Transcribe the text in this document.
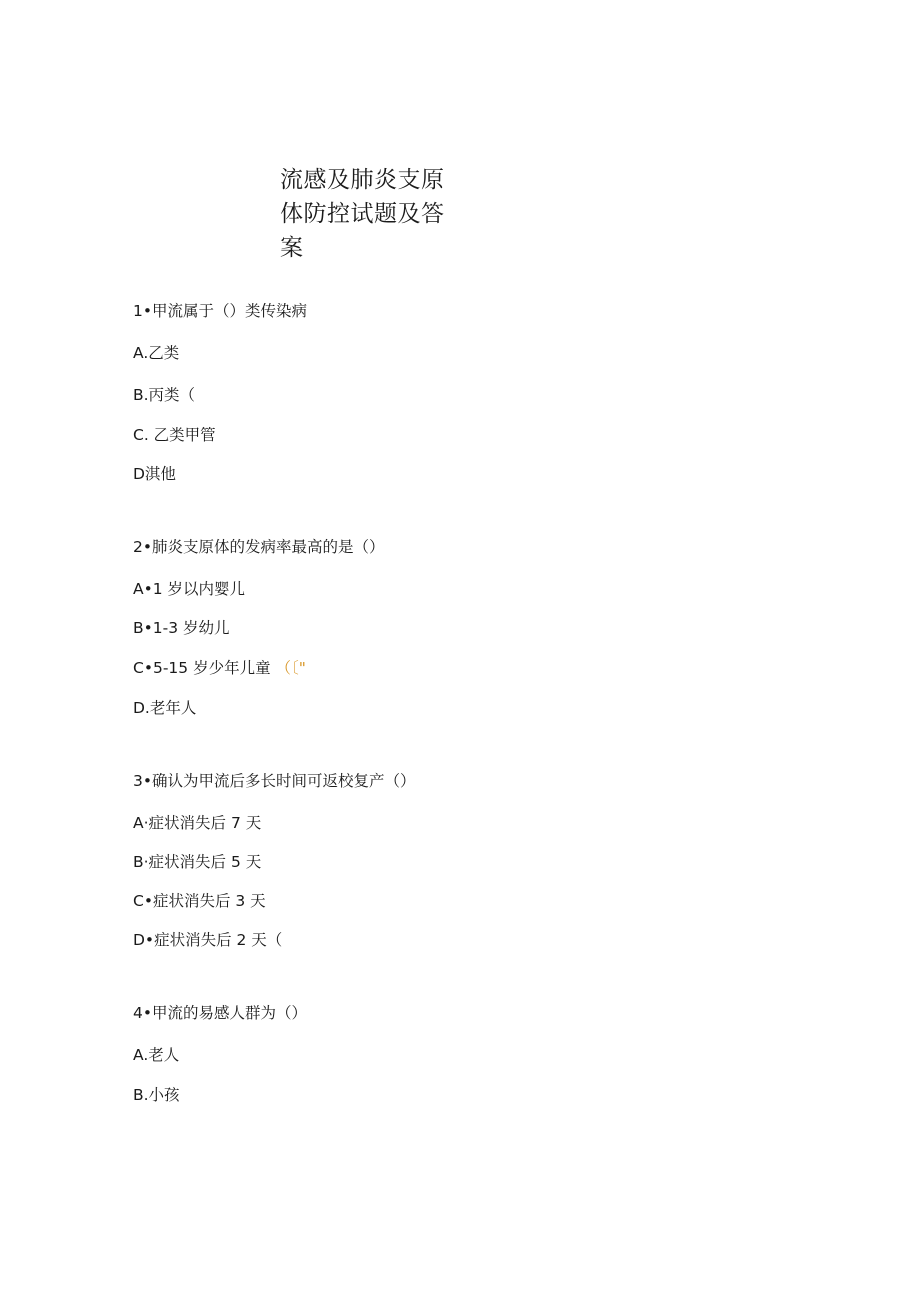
流感及肺炎支原体防控试题及答案
1•甲流属于（）类传染病
A.乙类
B.丙类（
C. 乙类甲管
D淇他
2•肺炎支原体的发病率最高的是（）
A•1 岁以内婴儿
B•1-3 岁幼儿
C•5-15 岁少年儿童 （〔"
D.老年人
3•确认为甲流后多长时间可返校复产（）
A·症状消失后 7 天
B·症状消失后 5 天
C•症状消失后 3 天
D•症状消失后 2 天（
4•甲流的易感人群为（）
A.老人
B.小孩
